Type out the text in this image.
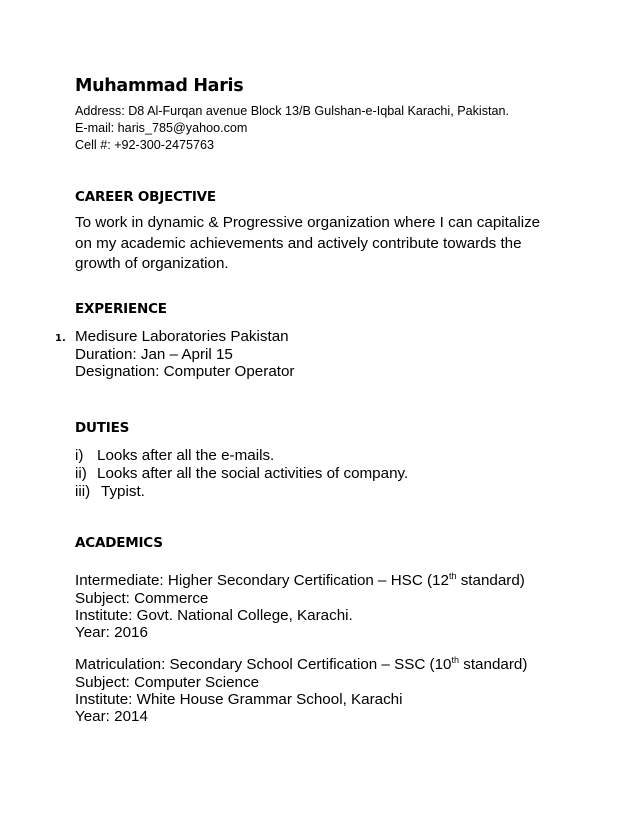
Muhammad Haris
Address: D8 Al-Furqan avenue Block 13/B Gulshan-e-Iqbal Karachi, Pakistan.
E-mail: haris_785@yahoo.com
Cell #: +92-300-2475763
CAREER OBJECTIVE
To work in dynamic & Progressive organization where I can capitalize on my academic achievements and actively contribute towards the growth of organization.
EXPERIENCE
1. Medisure Laboratories Pakistan
Duration: Jan – April 15
Designation: Computer Operator
DUTIES
i) Looks after all the e-mails.
ii) Looks after all the social activities of company.
iii) Typist.
ACADEMICS
Intermediate: Higher Secondary Certification – HSC (12th standard)
Subject: Commerce
Institute: Govt. National College, Karachi.
Year: 2016
Matriculation: Secondary School Certification – SSC (10th standard)
Subject: Computer Science
Institute: White House Grammar School, Karachi
Year: 2014
